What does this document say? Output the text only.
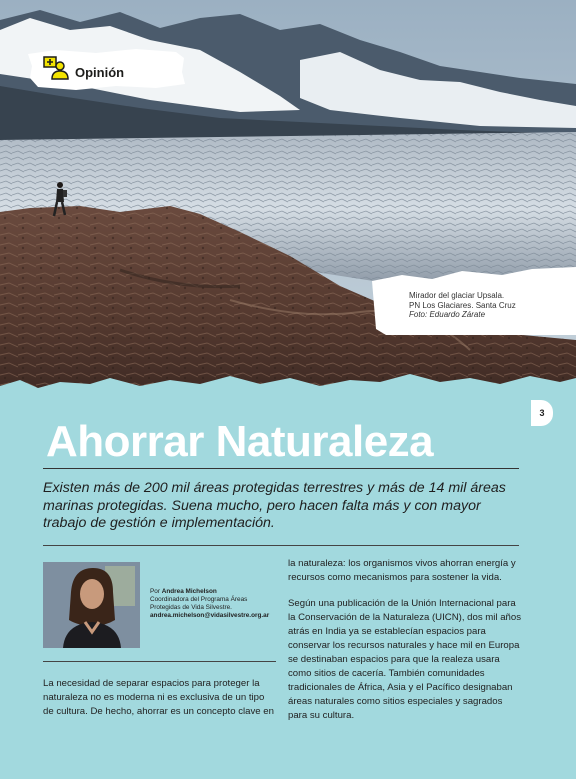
Opinión
Mirador del glaciar Upsala.
PN Los Glaciares. Santa Cruz
Foto: Eduardo Zárate
3
Ahorrar Naturaleza

Existen más de 200 mil áreas protegidas terrestres y más de 14 mil áreas marinas protegidas. Suena mucho, pero hacen falta más y con mayor trabajo de gestión e implementación.

Por Andrea Michelson
Coordinadora del Programa Áreas
Protegidas de Vida Silvestre.
andrea.michelson@vidasilvestre.org.ar

La necesidad de separar espacios para proteger la naturaleza no es moderna ni es exclusiva de un tipo de cultura. De hecho, ahorrar es un concepto clave en

la naturaleza: los organismos vivos ahorran energía y recursos como mecanismos para sostener la vida.

Según una publicación de la Unión Internacional para la Conservación de la Naturaleza (UICN), dos mil años atrás en India ya se establecían espacios para conservar los recursos naturales y hace mil en Europa se destinaban espacios para que la realeza usara como sitios de cacería. También comunidades tradicionales de África, Asia y el Pacífico designaban áreas naturales como sitios especiales y sagrados para su cultura.
